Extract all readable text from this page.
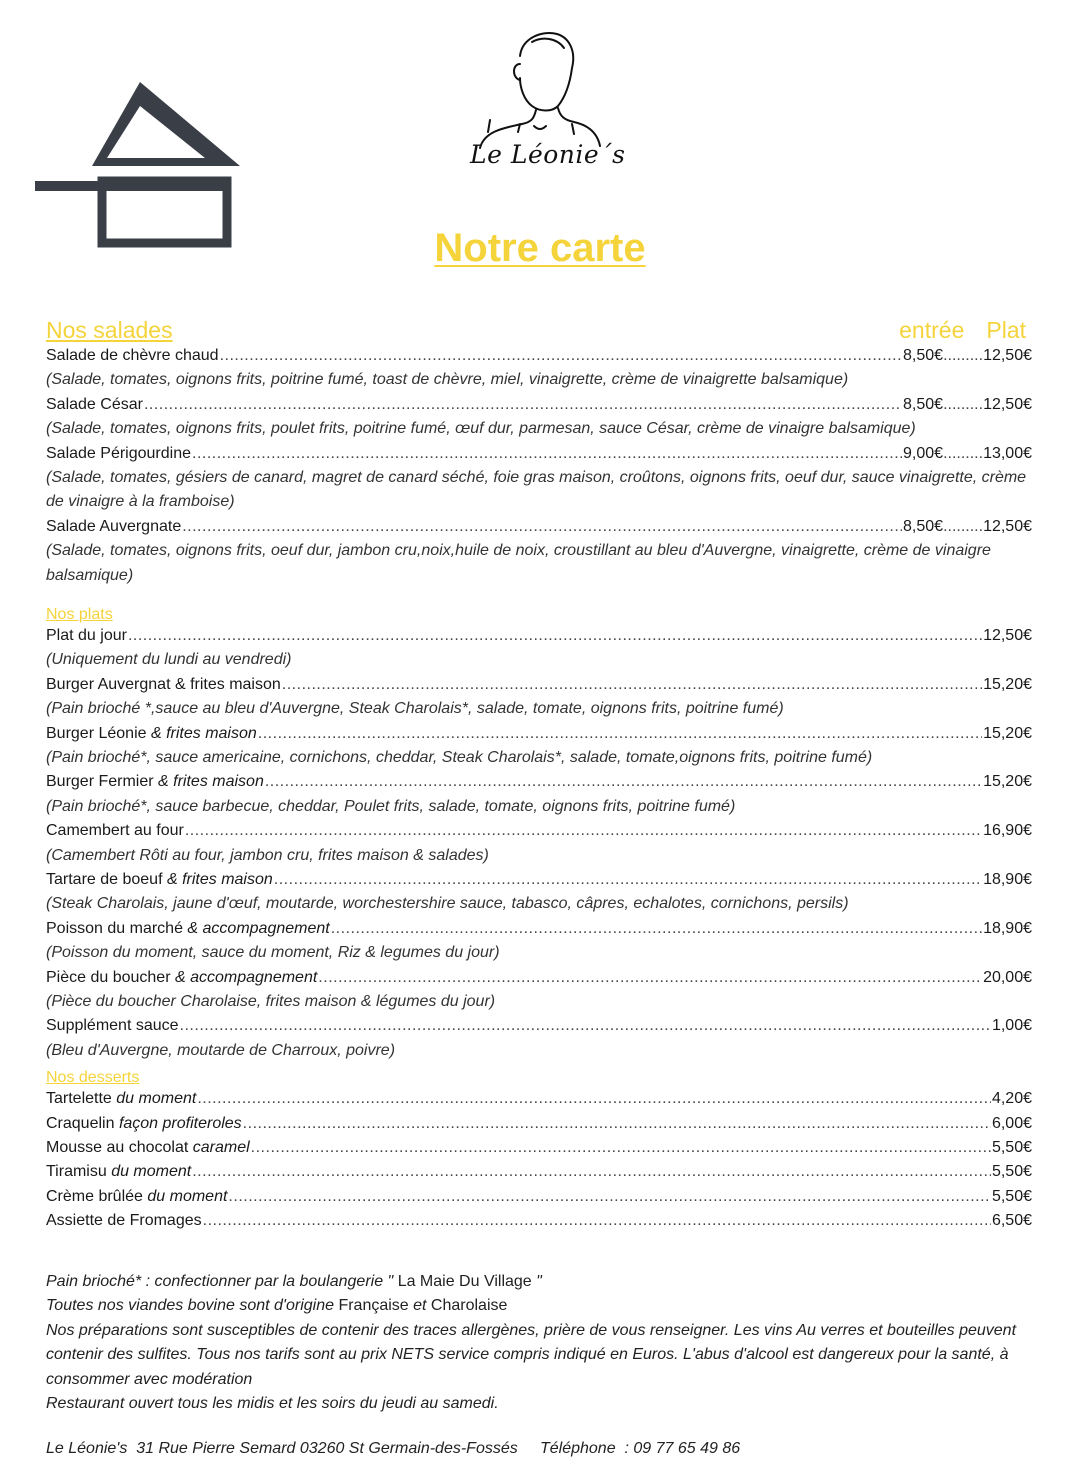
Le Léonie´s
Notre carte
Nos salades	entrée Plat
Salade de chèvre chaud .....	8,50€ .....	12,50€
(Salade, tomates, oignons frits, poitrine fumé, toast de chèvre, miel, vinaigrette, crème de vinaigrette balsamique)
Salade César .....	8,50€ .....	12,50€
(Salade, tomates, oignons frits, poulet frits, poitrine fumé, œuf dur, parmesan, sauce César, crème de vinaigre balsamique)
Salade Périgourdine .....	9,00€ .....	13,00€
(Salade, tomates, gésiers de canard, magret de canard séché, foie gras maison, croûtons, oignons frits, oeuf dur, sauce vinaigrette, crème de vinaigre à la framboise)
Salade Auvergnate .....	8,50€ .....	12,50€
(Salade, tomates, oignons frits, oeuf dur, jambon cru,noix,huile de noix, croustillant au bleu d'Auvergne, vinaigrette, crème de vinaigre balsamique)
Nos plats
Plat du jour .....	12,50€
(Uniquement du lundi au vendredi)
Burger Auvergnat & frites maison .....	15,20€
(Pain brioché *,sauce au bleu d'Auvergne, Steak Charolais*, salade, tomate, oignons frits, poitrine fumé)
Burger Léonie & frites maison .....	15,20€
(Pain brioché*, sauce americaine, cornichons, cheddar, Steak Charolais*, salade, tomate,oignons frits, poitrine fumé)
Burger Fermier & frites maison .....	15,20€
(Pain brioché*, sauce barbecue, cheddar, Poulet frits, salade, tomate, oignons frits, poitrine fumé)
Camembert au four .....	16,90€
(Camembert Rôti au four, jambon cru, frites maison & salades)
Tartare de boeuf & frites maison .....	18,90€
(Steak Charolais, jaune d'œuf, moutarde, worchestershire sauce, tabasco, câpres, echalotes, cornichons, persils)
Poisson du marché & accompagnement .....	18,90€
(Poisson du moment, sauce du moment, Riz & legumes du jour)
Pièce du boucher & accompagnement .....	20,00€
(Pièce du boucher Charolaise, frites maison & légumes du jour)
Supplément sauce .....	1,00€
(Bleu d'Auvergne, moutarde de Charroux, poivre)
Nos desserts
Tartelette du moment .....	4,20€
Craquelin façon profiteroles .....	6,00€
Mousse au chocolat caramel .....	5,50€
Tiramisu du moment .....	5,50€
Crème brûlée du moment .....	5,50€
Assiette de Fromages .....	6,50€
Pain brioché* : confectionner par la boulangerie " La Maie Du Village "
Toutes nos viandes bovine sont d'origine Française et Charolaise
Nos préparations sont susceptibles de contenir des traces allergènes, prière de vous renseigner. Les vins Au verres et bouteilles peuvent contenir des sulfites. Tous nos tarifs sont au prix NETS service compris indiqué en Euros. L'abus d'alcool est dangereux pour la santé, à consommer avec modération
Restaurant ouvert tous les midis et les soirs du jeudi au samedi.
Le Léonie's  31 Rue Pierre Semard 03260 St Germain-des-Fossés     Téléphone  : 09 77 65 49 86
